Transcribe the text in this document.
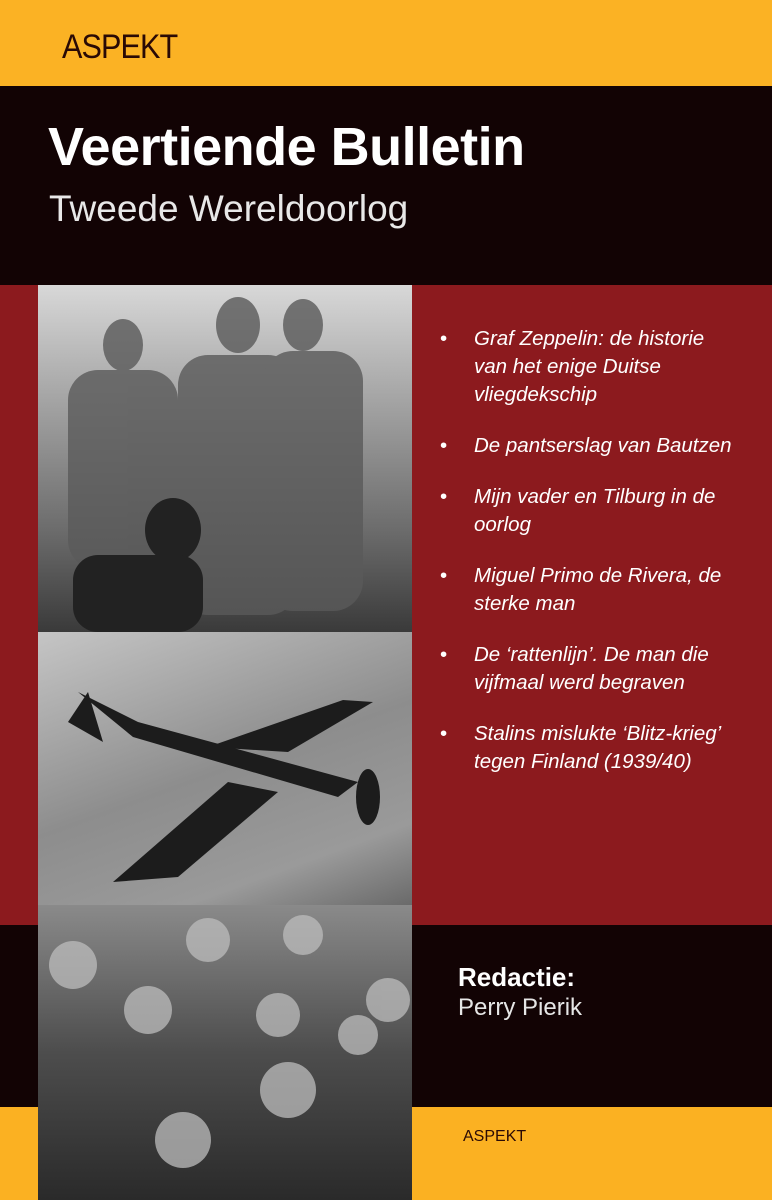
ASPEKT
Veertiende Bulletin
Tweede Wereldoorlog
• Graf Zeppelin: de historie van het enige Duitse vliegdekschip
• De pantserslag van Bautzen
• Mijn vader en Tilburg in de oorlog
• Miguel Primo de Rivera, de sterke man
• De ‘rattenlijn’. De man die vijfmaal werd begraven
• Stalins mislukte ‘Blitz-krieg’ tegen Finland (1939/40)
Redactie:
Perry Pierik
ASPEKT
